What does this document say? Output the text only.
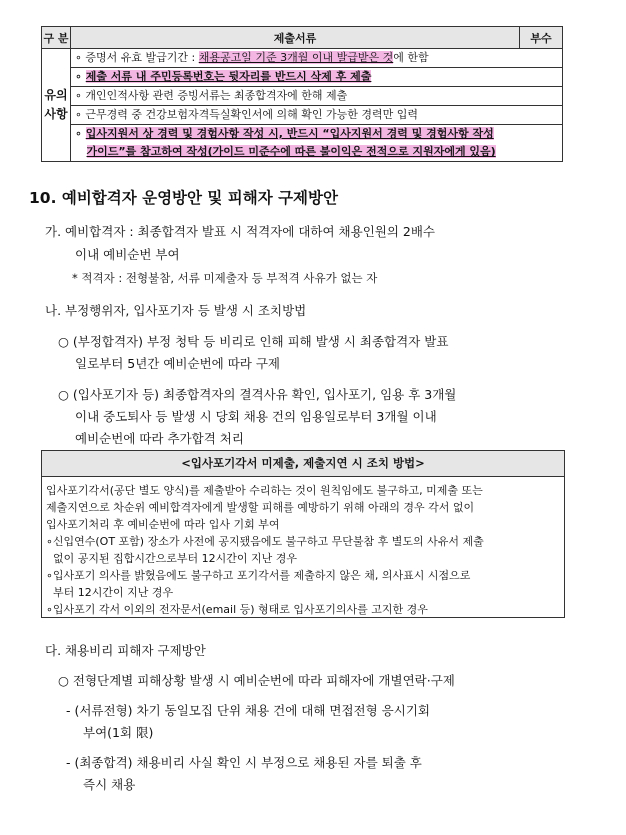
구 분	제출서류	부수
유의
사항	∘ 증명서 유효 발급기간 : 채용공고일 기준 3개월 이내 발급받은 것에 한함	
	∘ 제출 서류 내 주민등록번호는 뒷자리를 반드시 삭제 후 제출	
	∘ 개인인적사항 관련 증빙서류는 최종합격자에 한해 제출	
	∘ 근무경력 중 건강보험자격득실확인서에 의해 확인 가능한 경력만 입력	
	∘ 입사지원서 상 경력 및 경험사항 작성 시, 반드시 “입사지원서 경력 및 경험사항 작성	
	가이드”를 참고하여 작성(가이드 미준수에 따른 불이익은 전적으로 지원자에게 있음)	
10. 예비합격자 운영방안 및 피해자 구제방안
가. 예비합격자 : 최종합격자 발표 시 적격자에 대하여 채용인원의 2배수
이내 예비순번 부여
* 적격자 : 전형불참, 서류 미제출자 등 부적격 사유가 없는 자
나. 부정행위자, 입사포기자 등 발생 시 조치방법
○ (부정합격자) 부정 청탁 등 비리로 인해 피해 발생 시 최종합격자 발표
일로부터 5년간 예비순번에 따라 구제
○ (입사포기자 등) 최종합격자의 결격사유 확인, 입사포기, 임용 후 3개월
이내 중도퇴사 등 발생 시 당회 채용 건의 임용일로부터 3개월 이내
예비순번에 따라 추가합격 처리
<입사포기각서 미제출, 제출지연 시 조치 방법>
입사포기각서(공단 별도 양식)를 제출받아 수리하는 것이 원칙임에도 불구하고, 미제출 또는
제출지연으로 차순위 예비합격자에게 발생할 피해를 예방하기 위해 아래의 경우 각서 없이
입사포기처리 후 예비순번에 따라 입사 기회 부여
∘신입연수(OT 포함) 장소가 사전에 공지됐음에도 불구하고 무단불참 후 별도의 사유서 제출
없이 공지된 집합시간으로부터 12시간이 지난 경우
∘입사포기 의사를 밝혔음에도 불구하고 포기각서를 제출하지 않은 채, 의사표시 시점으로
부터 12시간이 지난 경우
∘입사포기 각서 이외의 전자문서(email 등) 형태로 입사포기의사를 고지한 경우
다. 채용비리 피해자 구제방안
○ 전형단계별 피해상황 발생 시 예비순번에 따라 피해자에 개별연락·구제
- (서류전형) 차기 동일모집 단위 채용 건에 대해 면접전형 응시기회
부여(1회 限)
- (최종합격) 채용비리 사실 확인 시 부정으로 채용된 자를 퇴출 후
즉시 채용
